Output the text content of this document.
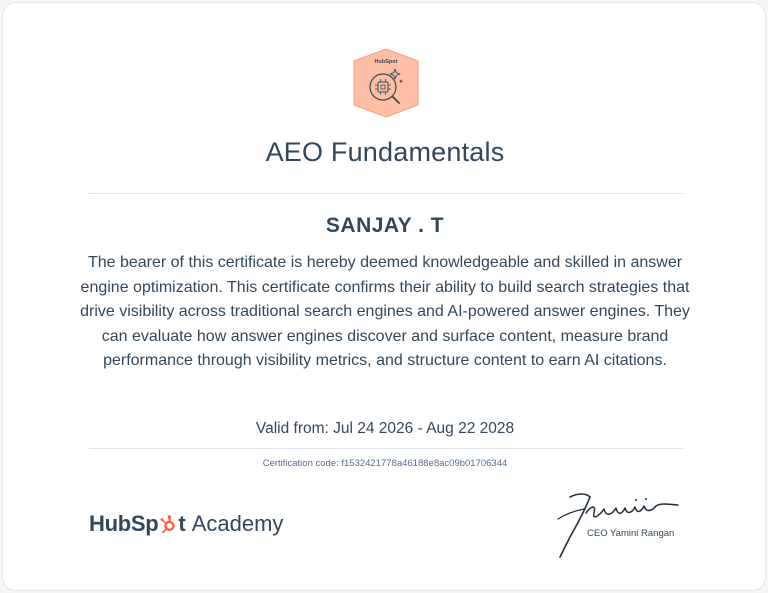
HubSpot
AEO Fundamentals
SANJAY . T

The bearer of this certificate is hereby deemed knowledgeable and skilled in answer engine optimization. This certificate confirms their ability to build search strategies that drive visibility across traditional search engines and AI-powered answer engines. They can evaluate how answer engines discover and surface content, measure brand performance through visibility metrics, and structure content to earn AI citations.

Valid from: Jul 24 2026 - Aug 22 2028
Certification code: f1532421778a46188e8ac09b01706344
HubSp t Academy	CEO Yamini Rangan
